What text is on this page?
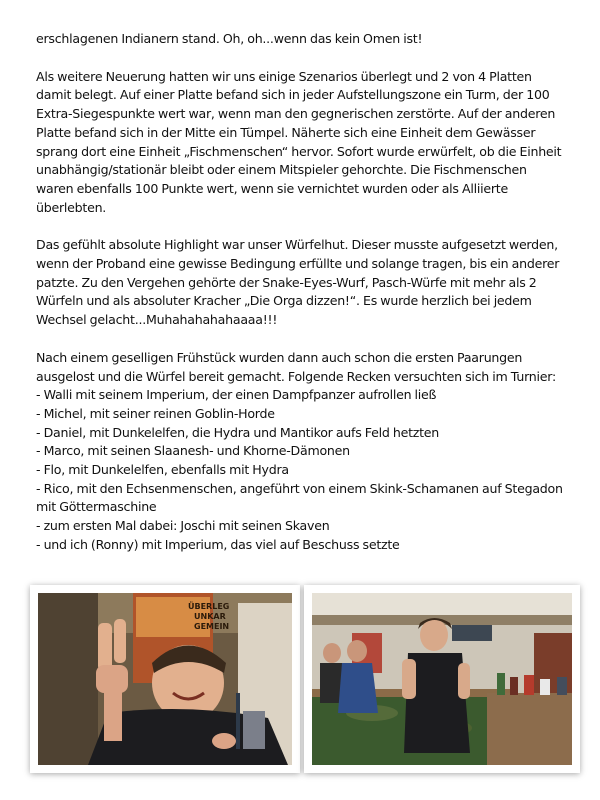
erschlagenen Indianern stand. Oh, oh...wenn das kein Omen ist!

Als weitere Neuerung hatten wir uns einige Szenarios überlegt und 2 von 4 Platten damit belegt. Auf einer Platte befand sich in jeder Aufstellungszone ein Turm, der 100 Extra-Siegespunkte wert war, wenn man den gegnerischen zerstörte. Auf der anderen Platte befand sich in der Mitte ein Tümpel. Näherte sich eine Einheit dem Gewässer sprang dort eine Einheit „Fischmenschen“ hervor. Sofort wurde erwürfelt, ob die Einheit unabhängig/stationär bleibt oder einem Mitspieler gehorchte. Die Fischmenschen waren ebenfalls 100 Punkte wert, wenn sie vernichtet wurden oder als Alliierte überlebten.

Das gefühlt absolute Highlight war unser Würfelhut. Dieser musste aufgesetzt werden, wenn der Proband eine gewisse Bedingung erfüllte und solange tragen, bis ein anderer patzte. Zu den Vergehen gehörte der Snake-Eyes-Wurf, Pasch-Würfe mit mehr als 2 Würfeln und als absoluter Kracher „Die Orga dizzen!“. Es wurde herzlich bei jedem Wechsel gelacht...Muhahahahahaaaa!!!

Nach einem geselligen Frühstück wurden dann auch schon die ersten Paarungen ausgelost und die Würfel bereit gemacht. Folgende Recken versuchten sich im Turnier:

- Walli mit seinem Imperium, der einen Dampfpanzer aufrollen ließ
- Michel, mit seiner reinen Goblin-Horde
- Daniel, mit Dunkelelfen, die Hydra und Mantikor aufs Feld hetzten
- Marco, mit seinen Slaanesh- und Khorne-Dämonen
- Flo, mit Dunkelelfen, ebenfalls mit Hydra
- Rico, mit den Echsenmenschen, angeführt von einem Skink-Schamanen auf Stegadon mit Göttermaschine
- zum ersten Mal dabei: Joschi mit seinen Skaven
- und ich (Ronny) mit Imperium, das viel auf Beschuss setzte
ÜBERLEG
UNKAR
GEMEIN
